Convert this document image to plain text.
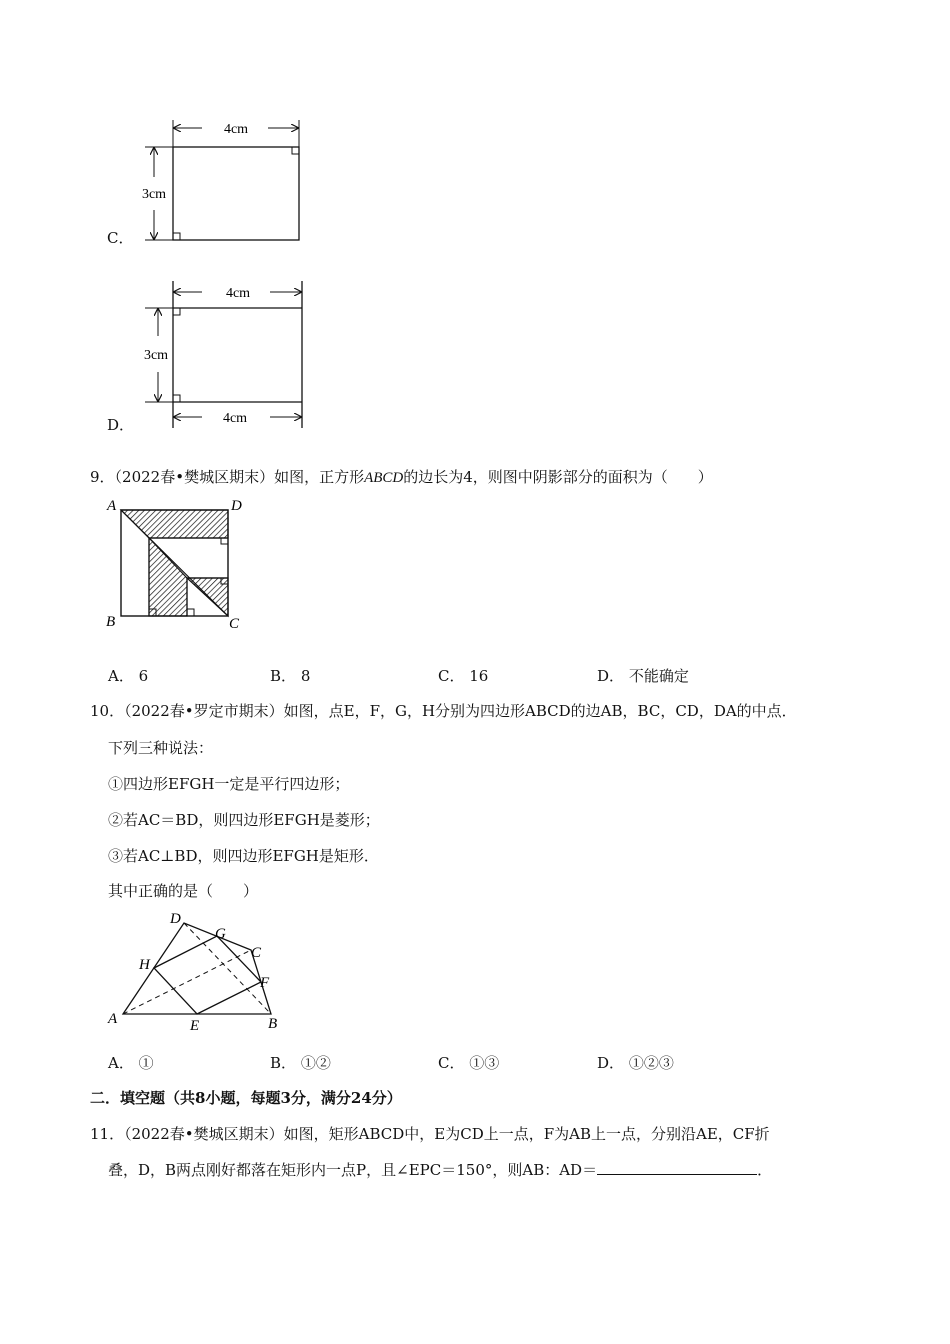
C．
4cm
3cm
D．
4cm
3cm
4cm
9．（2022春•樊城区期末）如图，正方形ABCD的边长为4，则图中阴影部分的面积为（　　）
A	D
B	C
A． 6	B． 8	C． 16	D． 不能确定
10．（2022春•罗定市期末）如图，点E，F，G，H分别为四边形ABCD的边AB，BC，CD，DA的中点．
下列三种说法：
①四边形EFGH一定是平行四边形；
②若AC＝BD，则四边形EFGH是菱形；
③若AC⊥BD，则四边形EFGH是矩形．
其中正确的是（　　）
A	B
C
D
E
F
G
H
A． ①	B． ①②	C． ①③	D． ①②③
二．填空题（共8小题，每题3分，满分24分）
11．（2022春•樊城区期末）如图，矩形ABCD中，E为CD上一点，F为AB上一点，分别沿AE，CF折
叠，D，B两点刚好都落在矩形内一点P，且∠EPC＝150°，则AB：AD＝	．
